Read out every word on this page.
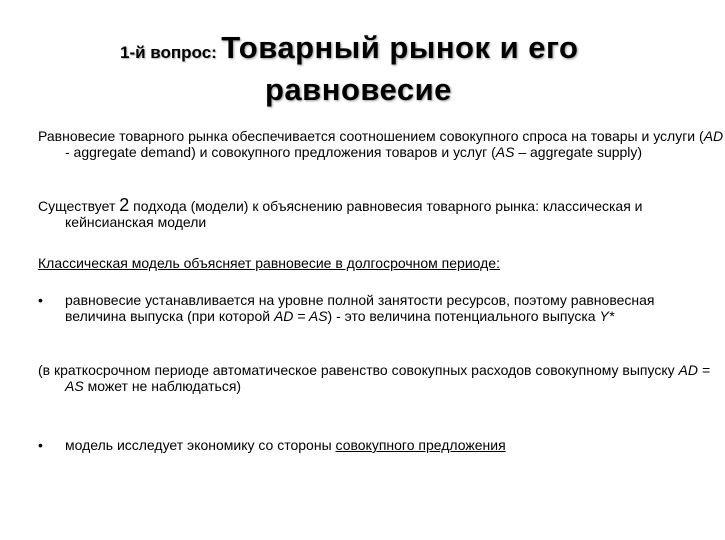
1-й вопрос: Товарный рынок и его
равновесие
Равновесие товарного рынка обеспечивается соотношением совокупного спроса на товары и услуги (AD - aggregate demand) и совокупного предложения товаров и услуг (AS – aggregate supply)
Существует 2 подхода (модели) к объяснению равновесия товарного рынка: классическая и кейнсианская модели
Классическая модель объясняет равновесие в долгосрочном периоде:
•	равновесие устанавливается на уровне полной занятости ресурсов, поэтому равновесная величина выпуска (при которой AD = AS) - это величина потенциального выпуска Y*
(в краткосрочном периоде автоматическое равенство совокупных расходов совокупному выпуску AD = AS может не наблюдаться)
•	модель исследует экономику со стороны совокупного предложения
